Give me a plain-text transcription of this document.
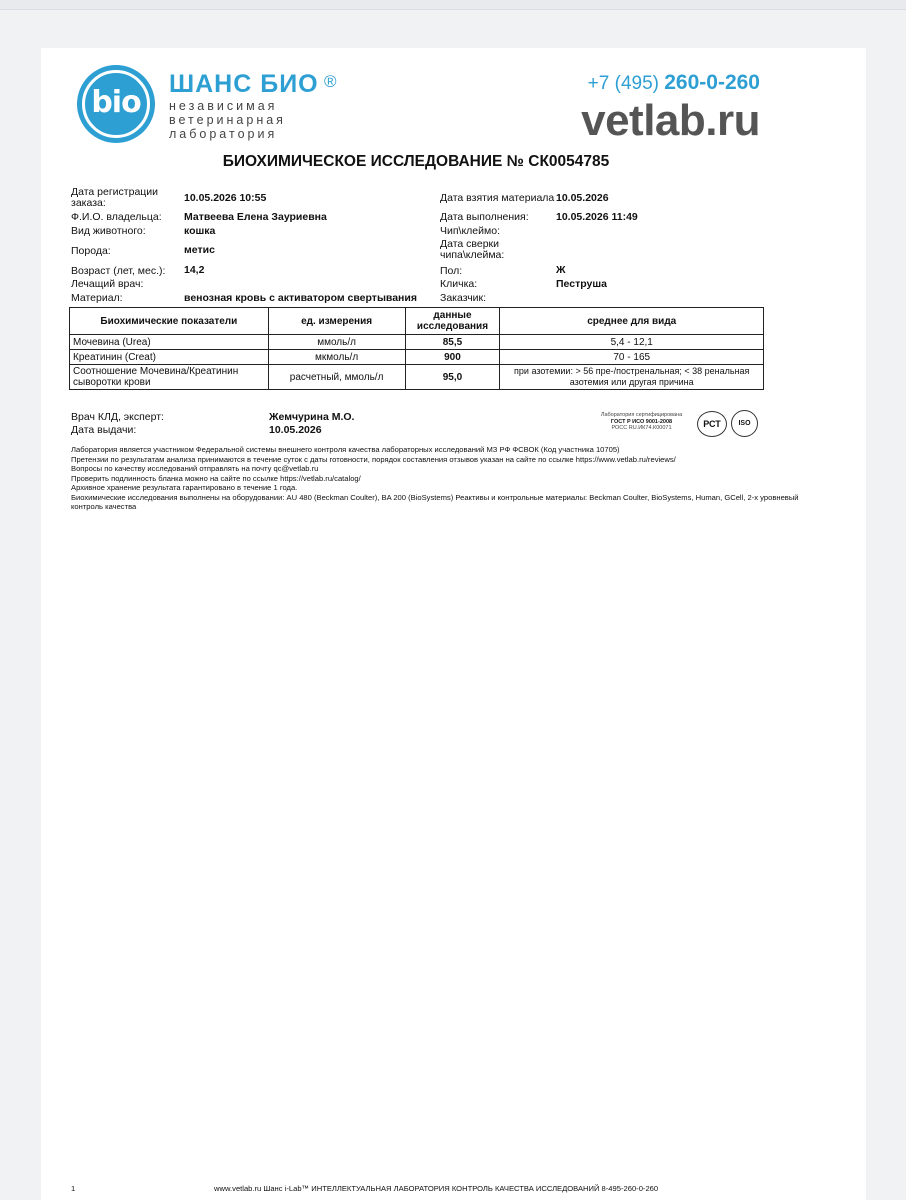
bio
ШАНС БИО ®
независимая
ветеринарная
лаборатория
+7 (495) 260-0-260
vetlab.ru
БИОХИМИЧЕСКОЕ ИССЛЕДОВАНИЕ № СК0054785
Дата регистрации заказа:	10.05.2026 10:55
Ф.И.О. владельца: Матвеева Елена Зауриевна
Вид животного:	кошка
Порода:	метис
Возраст (лет, мес.): 14,2
Лечащий врач:
Материал:	венозная кровь с активатором свертывания
Дата взятия материала 10.05.2026
Дата выполнения:	10.05.2026 11:49
Чип\клеймо:
Дата сверки чипа\клейма:
Пол:	Ж
Кличка:	Пеструша
Заказчик:
Биохимические показатели	ед. измерения	данные исследования	среднее для вида
Мочевина (Urea)	ммоль/л	85,5	5,4 - 12,1
Креатинин (Creat)	мкмоль/л	900	70 - 165
Соотношение Мочевина/Креатинин сыворотки крови	расчетный, ммоль/л	95,0	при азотемии: > 56 пре-/постренальная; < 38 ренальная азотемия или другая причина
Врач КЛД, эксперт:	Жемчурина М.О.
Дата выдачи:	10.05.2026
Лаборатория сертифицирована
ГОСТ Р ИСО 9001-2008
РОСС RU.ИК74.К00071	РСТ	ISO
Лаборатория является участником Федеральной системы внешнего контроля качества лабораторных исследований МЗ РФ ФСВОК (Код участника 10705)
Претензии по результатам анализа принимаются в течение суток с даты готовности, порядок составления отзывов указан на сайте по ссылке https://www.vetlab.ru/reviews/
Вопросы по качеству исследований отправлять на почту qc@vetlab.ru
Проверить подлинность бланка можно на сайте по ссылке https://vetlab.ru/catalog/
Архивное хранение результата гарантировано в течение 1 года.
Биохимические исследования выполнены на оборудовании: AU 480 (Beckman Coulter), BA 200 (BioSystems) Реактивы и контрольные материалы: Beckman Coulter, BioSystems, Human, GCell, 2-х уровневый контроль качества
1	www.vetlab.ru Шанс i-Lab™ ИНТЕЛЛЕКТУАЛЬНАЯ ЛАБОРАТОРИЯ КОНТРОЛЬ КАЧЕСТВА ИССЛЕДОВАНИЙ 8-495-260-0-260
